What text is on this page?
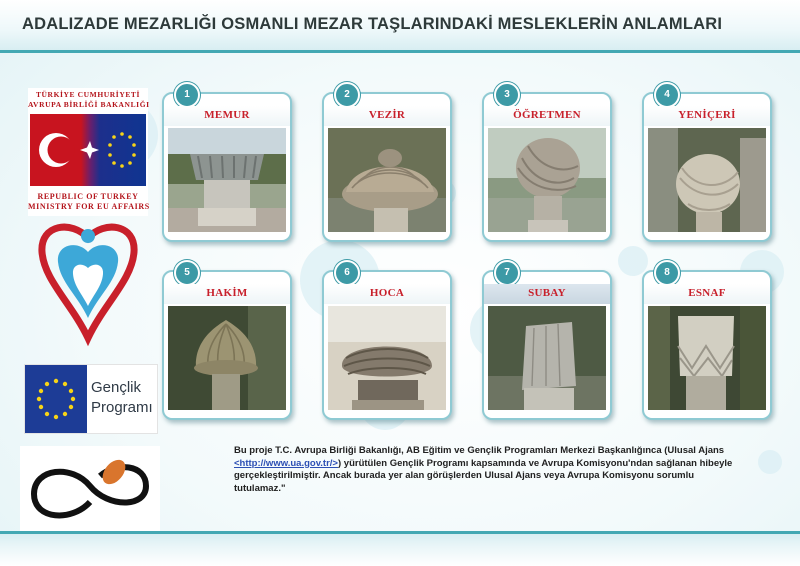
ADALIZADE MEZARLIĞI OSMANLI MEZAR TAŞLARINDAKİ MESLEKLERİN ANLAMLARI
TÜRKİYE CUMHURİYETİ
AVRUPA BİRLİĞİ BAKANLIĞI
REPUBLIC OF TURKEY
MINISTRY FOR EU AFFAIRS
Gençlik
Programı
1
MEMUR
2
VEZİR
3
ÖĞRETMEN
4
YENİÇERİ
5
HAKİM
6
HOCA
7
SUBAY
8
ESNAF
Bu proje T.C. Avrupa Birliği Bakanlığı, AB Eğitim ve Gençlik Programları Merkezi Başkanlığınca (Ulusal Ajans <http://www.ua.gov.tr/>) yürütülen Gençlik Programı kapsamında ve Avrupa Komisyonu'ndan sağlanan hibeyle gerçekleştirilmiştir. Ancak burada yer alan görüşlerden Ulusal Ajans veya Avrupa Komisyonu sorumlu tutulamaz."
